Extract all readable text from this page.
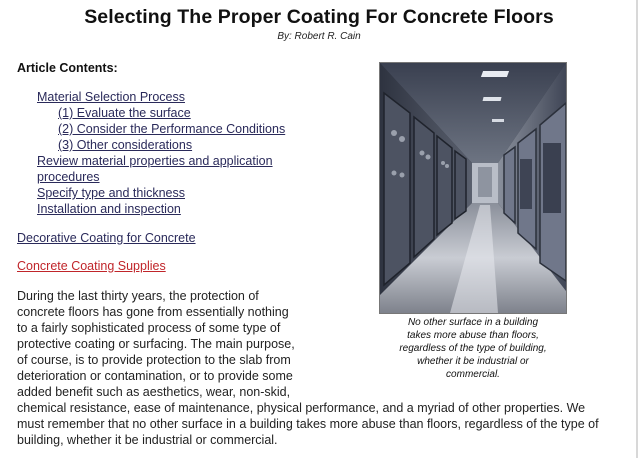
Selecting The Proper Coating For Concrete Floors
By: Robert R. Cain
Article Contents:
Material Selection Process
(1) Evaluate the surface
(2) Consider the Performance Conditions
(3) Other considerations
Review material properties and application
procedures
Specify type and thickness
Installation and inspection
Decorative Coating for Concrete
Concrete Coating Supplies
No other surface in a building
takes more abuse than floors,
regardless of the type of building,
whether it be industrial or
commercial.
During the last thirty years, the protection of
concrete floors has gone from essentially nothing
to a fairly sophisticated process of some type of
protective coating or surfacing. The main purpose,
of course, is to provide protection to the slab from
deterioration or contamination, or to provide some
added benefit such as aesthetics, wear, non-skid,
chemical resistance, ease of maintenance, physical performance, and a myriad of other properties. We
must remember that no other surface in a building takes more abuse than floors, regardless of the type of
building, whether it be industrial or commercial.
